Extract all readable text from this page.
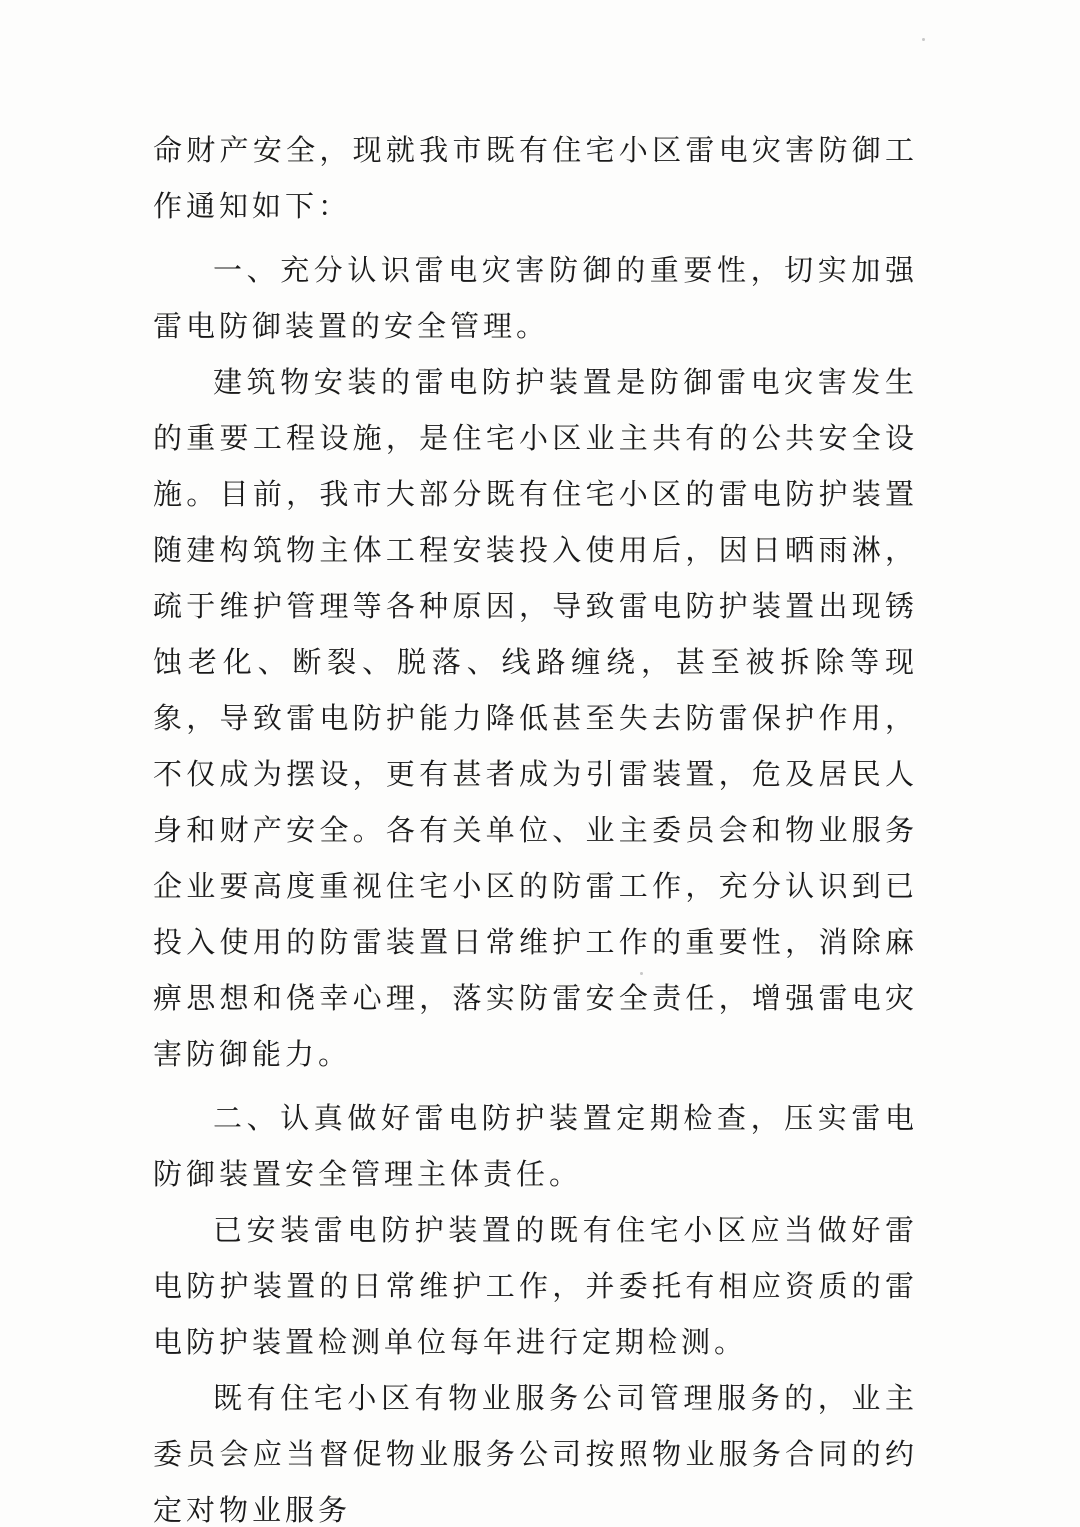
命财产安全，现就我市既有住宅小区雷电灾害防御工作通知如下：

一、充分认识雷电灾害防御的重要性，切实加强雷电防御装置的安全管理。

建筑物安装的雷电防护装置是防御雷电灾害发生的重要工程设施，是住宅小区业主共有的公共安全设施。目前，我市大部分既有住宅小区的雷电防护装置随建构筑物主体工程安装投入使用后，因日晒雨淋，疏于维护管理等各种原因，导致雷电防护装置出现锈蚀老化、断裂、脱落、线路缠绕，甚至被拆除等现象，导致雷电防护能力降低甚至失去防雷保护作用，不仅成为摆设，更有甚者成为引雷装置，危及居民人身和财产安全。各有关单位、业主委员会和物业服务企业要高度重视住宅小区的防雷工作，充分认识到已投入使用的防雷装置日常维护工作的重要性，消除麻痹思想和侥幸心理，落实防雷安全责任，增强雷电灾害防御能力。

二、认真做好雷电防护装置定期检查，压实雷电防御装置安全管理主体责任。

已安装雷电防护装置的既有住宅小区应当做好雷电防护装置的日常维护工作，并委托有相应资质的雷电防护装置检测单位每年进行定期检测。

既有住宅小区有物业服务公司管理服务的，业主委员会应当督促物业服务公司按照物业服务合同的约定对物业服务
